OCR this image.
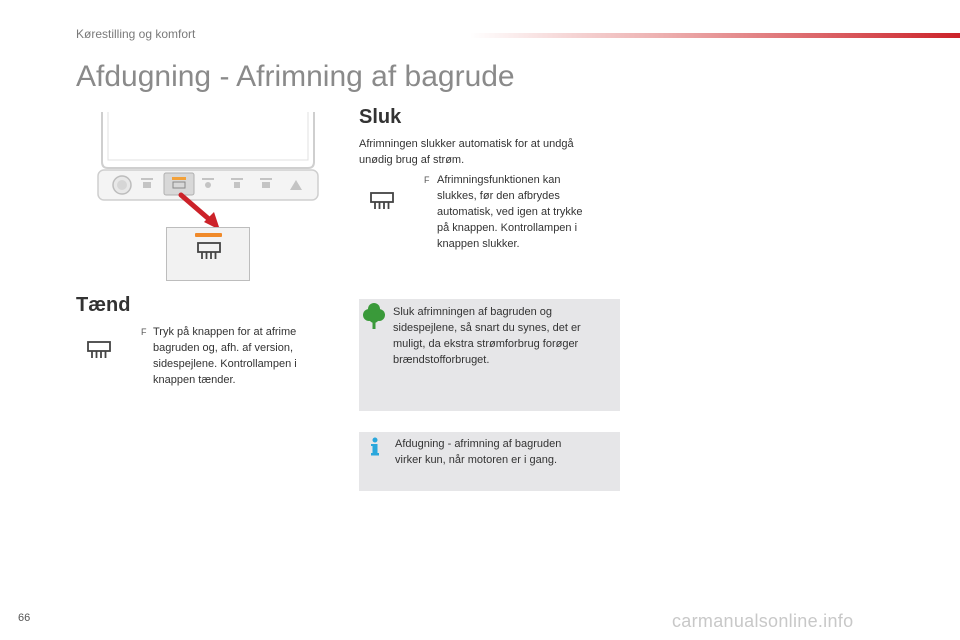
Kørestilling og komfort
Afdugning - Afrimning af bagrude
Tænd
F Tryk på knappen for at afrime
bagruden og, afh. af version,
sidespejlene. Kontrollampen i
knappen tænder.
Sluk
Afrimningen slukker automatisk for at undgå
unødig brug af strøm.
F Afrimningsfunktionen kan
slukkes, før den afbrydes
automatisk, ved igen at trykke
på knappen. Kontrollampen i
knappen slukker.
Sluk afrimningen af bagruden og
sidespejlene, så snart du synes, det er
muligt, da ekstra strømforbrug forøger
brændstofforbruget.
Afdugning - afrimning af bagruden
virker kun, når motoren er i gang.
66	carmanualsonline.info
